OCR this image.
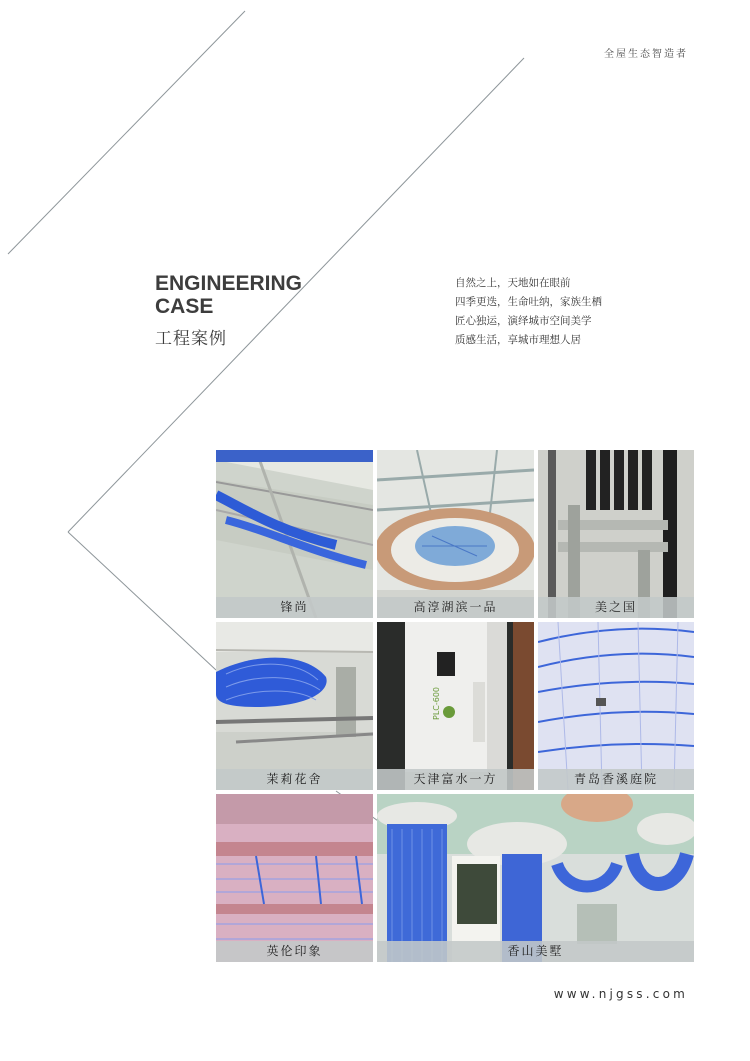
全屋生态智造者
ENGINEERING
CASE
工程案例
自然之上，天地如在眼前
四季更迭，生命吐纳，家族生栖
匠心独运，演绎城市空间美学
质感生活，享城市理想人居
锋尚	高淳湖滨一品	美之国
茉莉花舍
PLC-600
天津富水一方	青岛香溪庭院
英伦印象	香山美墅
www.njgss.com
